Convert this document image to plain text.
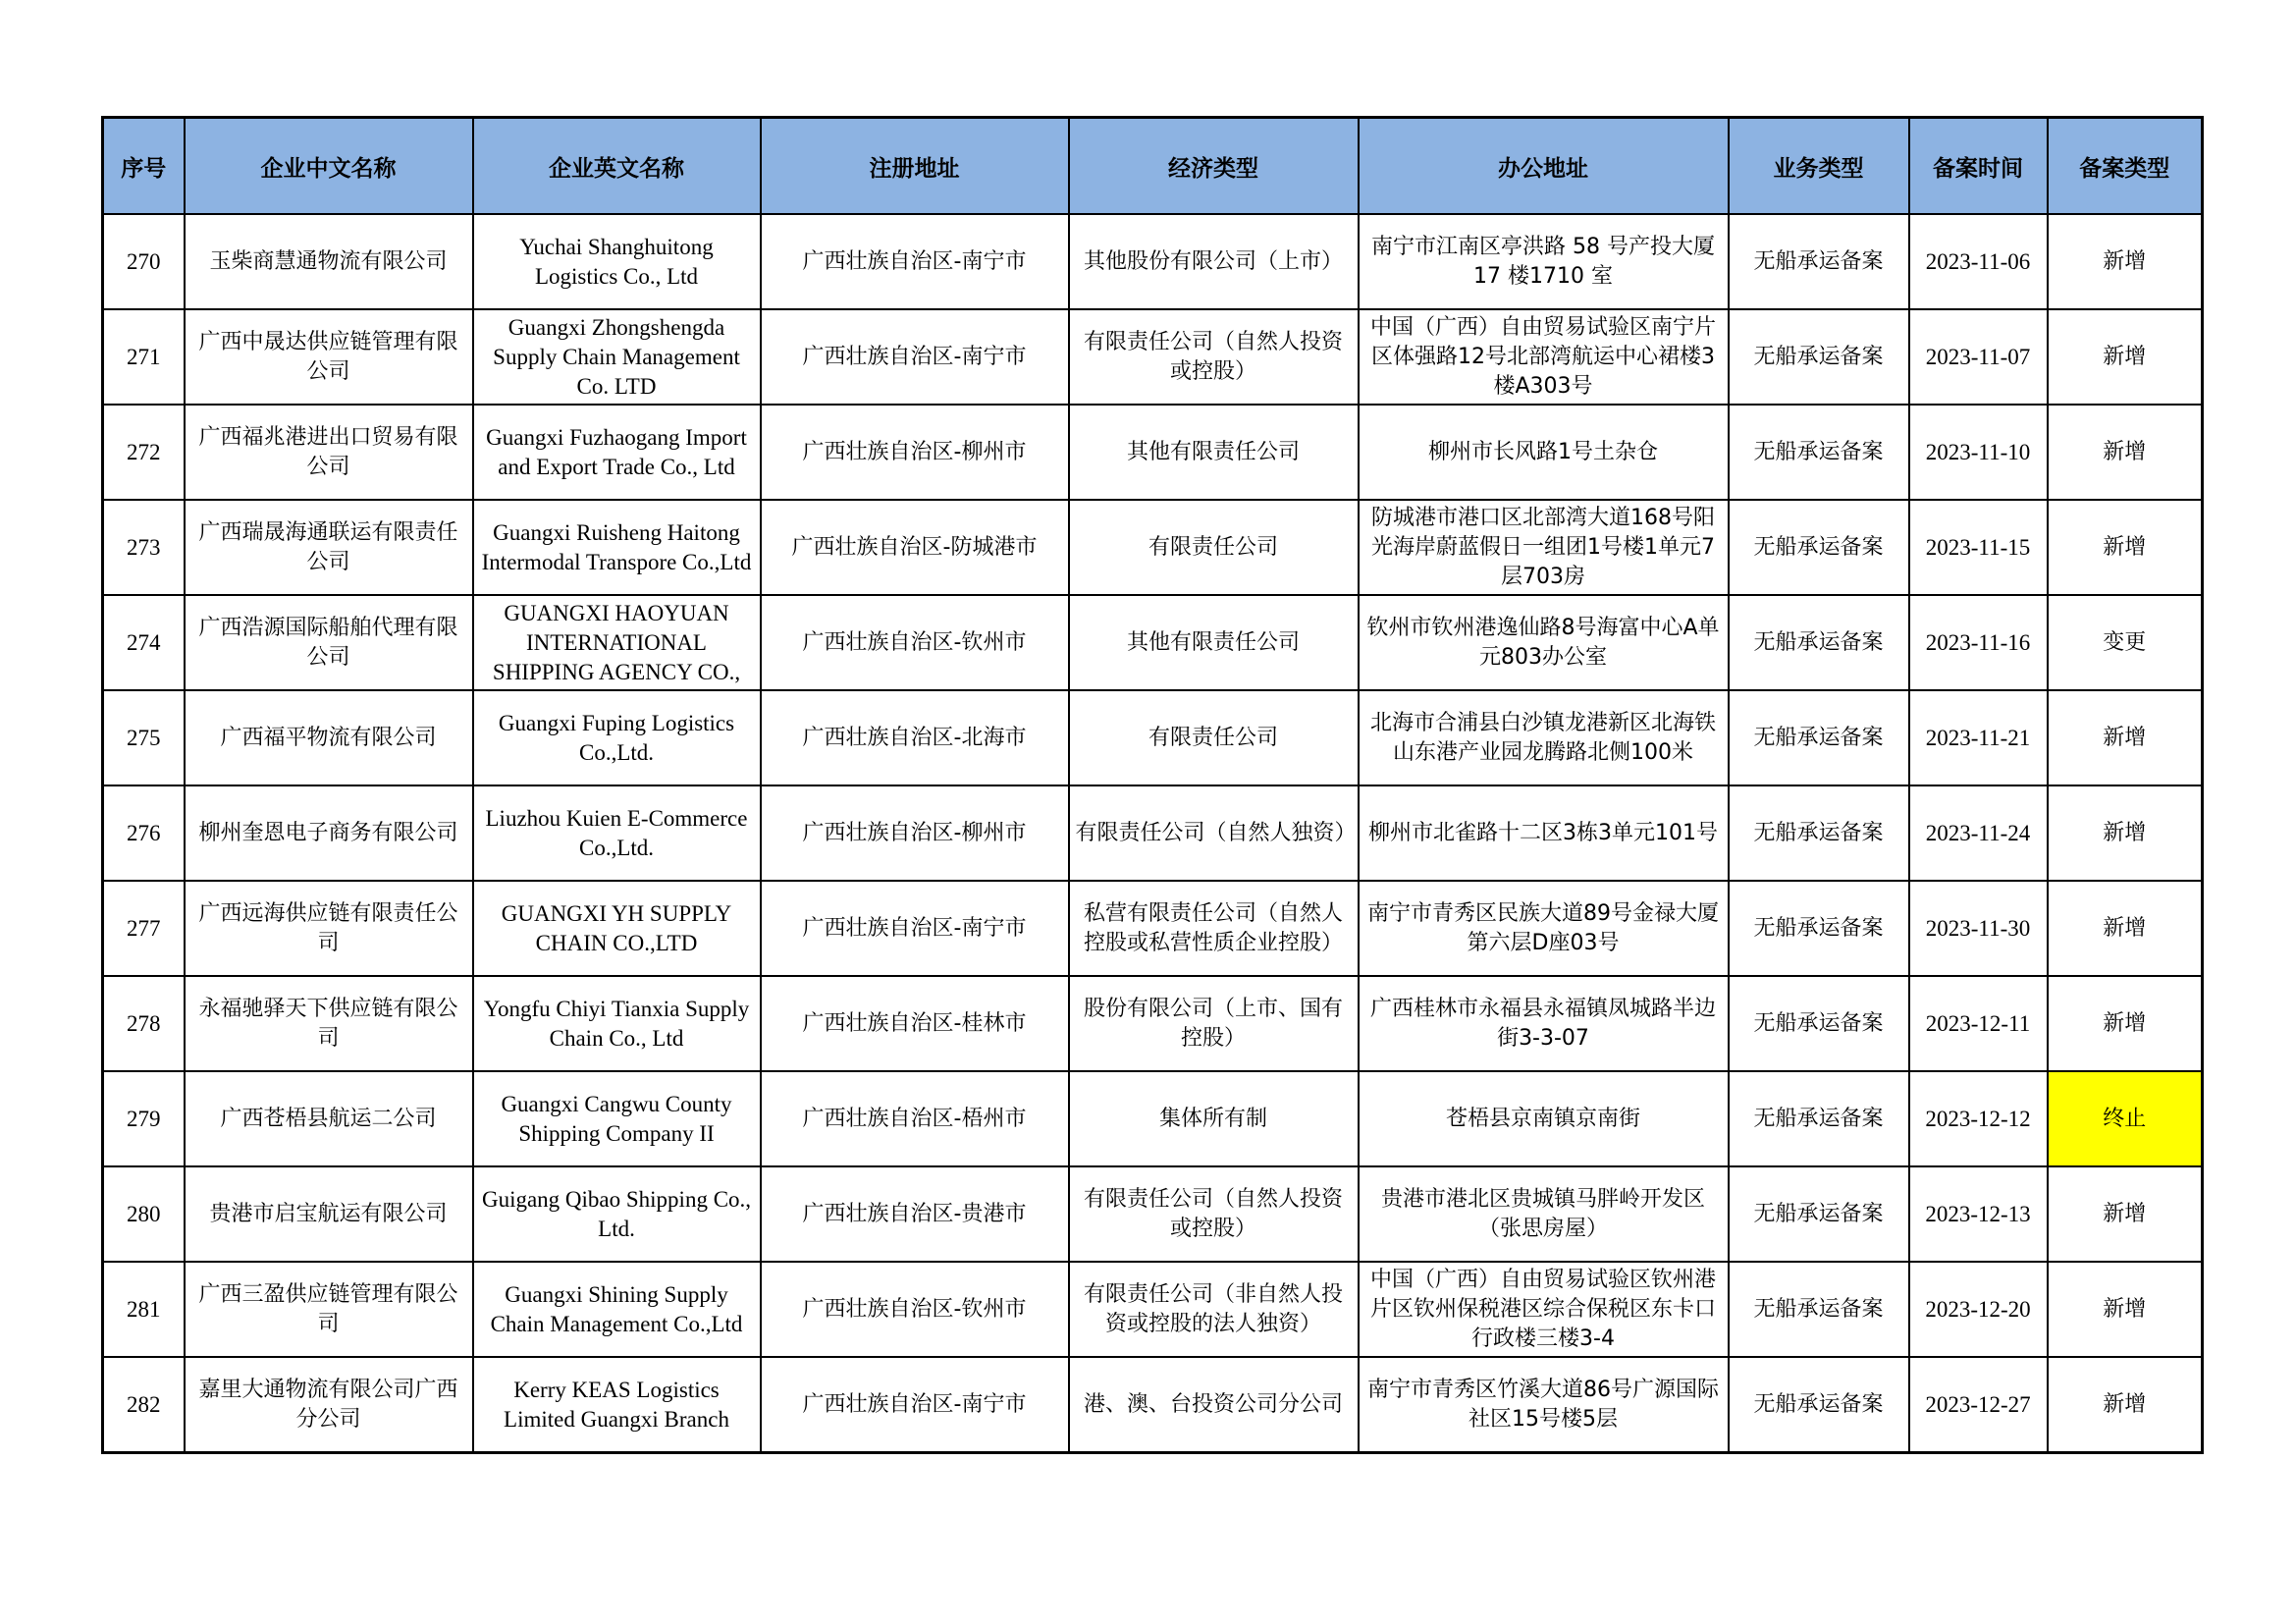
序号	企业中文名称	企业英文名称	注册地址	经济类型	办公地址	业务类型	备案时间	备案类型
270	玉柴商慧通物流有限公司	Yuchai Shanghuitong Logistics Co., Ltd	广西壮族自治区-南宁市	其他股份有限公司（上市）	南宁市江南区亭洪路 58 号产投大厦 17 楼1710 室	无船承运备案	2023-11-06	新增
271	广西中晟达供应链管理有限公司	Guangxi Zhongshengda Supply Chain Management Co. LTD	广西壮族自治区-南宁市	有限责任公司（自然人投资或控股）	中国（广西）自由贸易试验区南宁片区体强路12号北部湾航运中心裙楼3楼A303号	无船承运备案	2023-11-07	新增
272	广西福兆港进出口贸易有限公司	Guangxi Fuzhaogang Import and Export Trade Co., Ltd	广西壮族自治区-柳州市	其他有限责任公司	柳州市长风路1号土杂仓	无船承运备案	2023-11-10	新增
273	广西瑞晟海通联运有限责任公司	Guangxi Ruisheng Haitong Intermodal Transpore Co.,Ltd	广西壮族自治区-防城港市	有限责任公司	防城港市港口区北部湾大道168号阳光海岸蔚蓝假日一组团1号楼1单元7层703房	无船承运备案	2023-11-15	新增
274	广西浩源国际船舶代理有限公司	GUANGXI HAOYUAN INTERNATIONAL SHIPPING AGENCY CO.,	广西壮族自治区-钦州市	其他有限责任公司	钦州市钦州港逸仙路8号海富中心A单元803办公室	无船承运备案	2023-11-16	变更
275	广西福平物流有限公司	Guangxi Fuping Logistics Co.,Ltd.	广西壮族自治区-北海市	有限责任公司	北海市合浦县白沙镇龙港新区北海铁山东港产业园龙腾路北侧100米	无船承运备案	2023-11-21	新增
276	柳州奎恩电子商务有限公司	Liuzhou Kuien E-Commerce Co.,Ltd.	广西壮族自治区-柳州市	有限责任公司（自然人独资）	柳州市北雀路十二区3栋3单元101号	无船承运备案	2023-11-24	新增
277	广西远海供应链有限责任公司	GUANGXI YH SUPPLY CHAIN CO.,LTD	广西壮族自治区-南宁市	私营有限责任公司（自然人控股或私营性质企业控股）	南宁市青秀区民族大道89号金禄大厦第六层D座03号	无船承运备案	2023-11-30	新增
278	永福驰驿天下供应链有限公司	Yongfu Chiyi Tianxia Supply Chain Co., Ltd	广西壮族自治区-桂林市	股份有限公司（上市、国有控股）	广西桂林市永福县永福镇凤城路半边街3-3-07	无船承运备案	2023-12-11	新增
279	广西苍梧县航运二公司	Guangxi Cangwu County Shipping Company II	广西壮族自治区-梧州市	集体所有制	苍梧县京南镇京南街	无船承运备案	2023-12-12	终止
280	贵港市启宝航运有限公司	Guigang Qibao Shipping Co., Ltd.	广西壮族自治区-贵港市	有限责任公司（自然人投资或控股）	贵港市港北区贵城镇马胖岭开发区（张思房屋）	无船承运备案	2023-12-13	新增
281	广西三盈供应链管理有限公司	Guangxi Shining Supply Chain Management Co.,Ltd	广西壮族自治区-钦州市	有限责任公司（非自然人投资或控股的法人独资）	中国（广西）自由贸易试验区钦州港片区钦州保税港区综合保税区东卡口行政楼三楼3-4	无船承运备案	2023-12-20	新增
282	嘉里大通物流有限公司广西分公司	Kerry KEAS Logistics Limited Guangxi Branch	广西壮族自治区-南宁市	港、澳、台投资公司分公司	南宁市青秀区竹溪大道86号广源国际社区15号楼5层	无船承运备案	2023-12-27	新增
